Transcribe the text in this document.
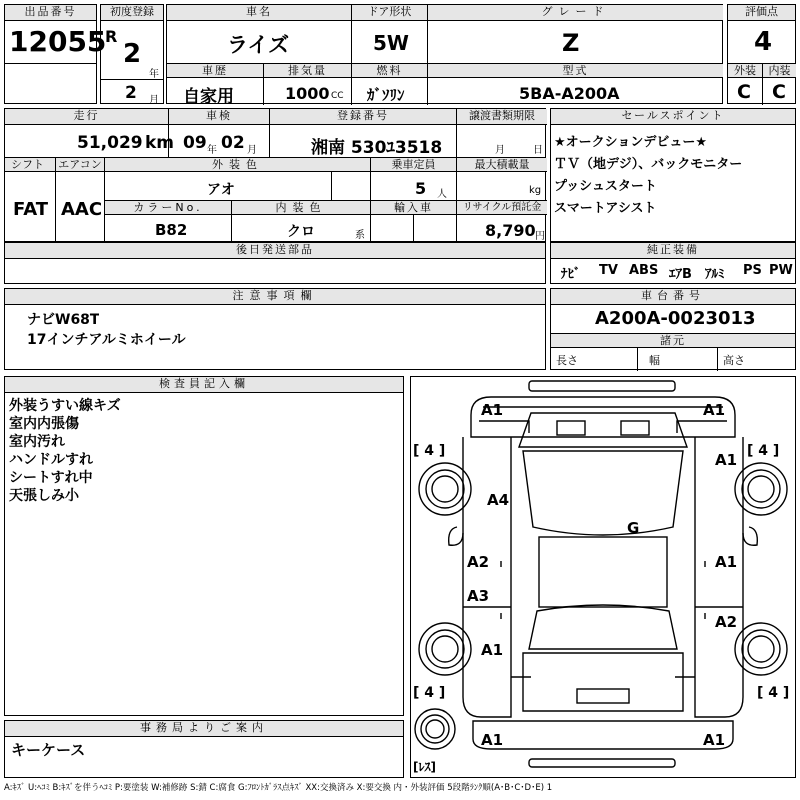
出品番号
12055
初度登録
R
2
年
2 月
車名	ドア形状	グレード
ライズ	5W	Z
車歴	排気量	燃料	型式
自家用	1000 CC ｶﾞｿﾘﾝ	5BA-A200A
評価点
4
外装	内装
C C
走行	車検	登録番号	譲渡書類期限
51,029 km 09 年 02 月	湘南 530ﾕ3518	月	日
シフト	エアコン	外装色	乗車定員	最大積載量
FAT AAC
アオ	5 人	kg
カラーNo.	内装色	輸入車	リサイクル預託金
B82	クロ	系	8,790 円
セールスポイント
★オークションデビュー★
ＴＶ（地デジ）、バックモニター
プッシュスタート
スマートアシスト
後日発送部品	純正装備
ﾅﾋﾞ TV ABS ｴｱB ｱﾙﾐ PS PW
注意事項欄
ナビW68T
17インチアルミホイール
車台番号
A200A-0023013
諸元
長さ	幅	高さ
検査員記入欄
外装うすい線キズ
室内内張傷
室内汚れ
ハンドルすれ
シートすれ中
天張しみ小
事務局よりご案内
キーケース
A1	A1
A1
A4
G
A2	A1
A3
A2
A1
A1	A1
[ 4 ]	[ 4 ]
[ 4 ]	[ 4 ]
[ﾚｽ]
A:ｷｽﾞ U:ﾍｺﾐ B:ｷｽﾞを伴うﾍｺﾐ P:要塗装 W:補修跡 S:錆 C:腐食 G:ﾌﾛﾝﾄｶﾞﾗｽ点ｷｽﾞ XX:交換済み X:要交換 内・外装評価 5段階ﾗﾝｸ順(A･B･C･D･E) 1
